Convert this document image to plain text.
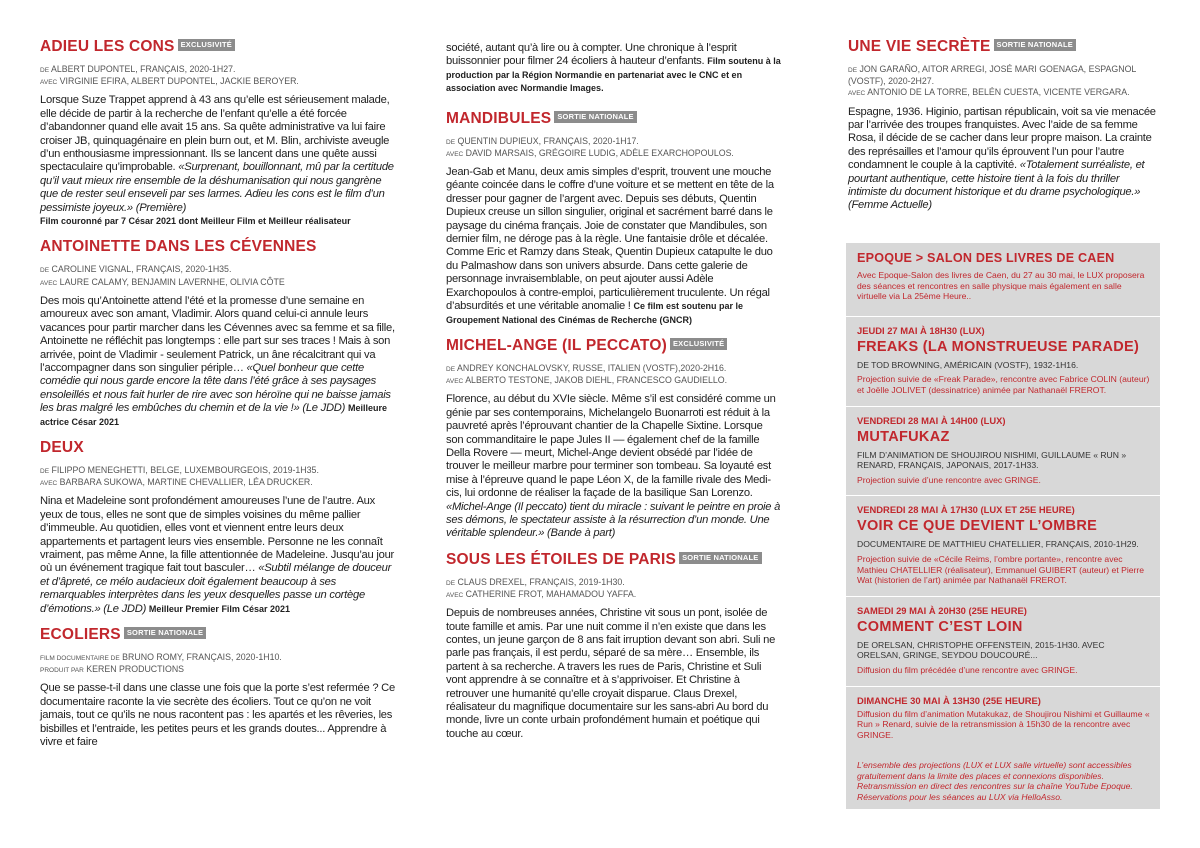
ADIEU LES CONS EXCLUSIVITÉ
DE ALBERT DUPONTEL, FRANÇAIS, 2020-1H27.
AVEC VIRGINIE EFIRA, ALBERT DUPONTEL, JACKIE BEROYER.

Lorsque Suze Trappet apprend à 43 ans qu’elle est sérieusement malade, elle décide de partir à la recherche de l’enfant qu’elle a été forcée d’abandonner quand elle avait 15 ans. Sa quête administrative va lui faire croiser JB, quinquagénaire en plein burn out, et M. Blin, archiviste aveugle d’un enthousiasme impressionnant. Ils se lancent dans une quête aussi spectaculaire qu’improbable. «Surprenant, bouillonnant, mû par la certitude qu’il vaut mieux rire ensemble de la déshumanisation qui nous gangrène que de rester seul enseveli par ses larmes. Adieu les cons est le film d’un pessimiste joyeux.» (Première)
Film couronné par 7 César 2021 dont Meilleur Film et Meilleur réalisateur

ANTOINETTE DANS LES CÉVENNES
DE CAROLINE VIGNAL, FRANÇAIS, 2020-1H35.
AVEC LAURE CALAMY, BENJAMIN LAVERNHE, OLIVIA CÔTE

Des mois qu’Antoinette attend l’été et la promesse d’une semaine en amoureux avec son amant, Vladimir. Alors quand celui-ci annule leurs vacances pour partir marcher dans les Cévennes avec sa femme et sa fille, Antoinette ne réfléchit pas longtemps : elle part sur ses traces ! Mais à son arrivée, point de Vladimir - seulement Patrick, un âne récalcitrant qui va l’accompagner dans son singulier périple… «Quel bonheur que cette comédie qui nous garde encore la tête dans l’été grâce à ses paysages ensoleillés et nous fait hurler de rire avec son héroïne qui ne baisse jamais les bras malgré les embûches du chemin et de la vie !» (Le JDD) Meilleure actrice César 2021

DEUX
DE FILIPPO MENEGHETTI, BELGE, LUXEMBOURGEOIS, 2019-1H35.
AVEC BARBARA SUKOWA, MARTINE CHEVALLIER, LÉA DRUCKER.

Nina et Madeleine sont profondément amoureuses l’une de l’autre. Aux yeux de tous, elles ne sont que de simples voisines du même pallier d’immeuble. Au quotidien, elles vont et viennent entre leurs deux appartements et partagent leurs vies ensemble. Personne ne les connaît vraiment, pas même Anne, la fille attentionnée de Madeleine. Jusqu’au jour où un événement tragique fait tout basculer… «Subtil mélange de douceur et d’âpreté, ce mélo audacieux doit également beaucoup à ses remarquables interprètes dans les yeux desquelles passe un cortège d’émotions.» (Le JDD) Meilleur Premier Film César 2021

ECOLIERS SORTIE NATIONALE
FILM DOCUMENTAIRE DE BRUNO ROMY, FRANÇAIS, 2020-1H10.
PRODUIT PAR KEREN PRODUCTIONS

Que se passe-t-il dans une classe une fois que la porte s’est refermée ? Ce documentaire raconte la vie secrète des écoliers. Tout ce qu’on ne voit jamais, tout ce qu’ils ne nous racontent pas : les apartés et les rêveries, les bisbilles et l’entraide, les petites peurs et les grands doutes... Apprendre à vivre et faire

société, autant qu’à lire ou à compter. Une chronique à l’esprit buissonnier pour filmer 24 écoliers à hauteur d’enfants. Film soutenu à la production par la Région Normandie en partenariat avec le CNC et en association avec Normandie Images.

MANDIBULES SORTIE NATIONALE
DE QUENTIN DUPIEUX, FRANÇAIS, 2020-1H17.
AVEC DAVID MARSAIS, GRÉGOIRE LUDIG, ADÈLE EXARCHOPOULOS.

Jean-Gab et Manu, deux amis simples d’esprit, trouvent une mouche géante coincée dans le coffre d’une voiture et se mettent en tête de la dresser pour gagner de l’argent avec. Depuis ses débuts, Quentin Dupieux creuse un sillon singulier, original et sacrément barré dans le paysage du cinéma français. Joie de constater que Mandibules, son dernier film, ne déroge pas à la règle. Une fantaisie drôle et décalée. Comme Eric et Ramzy dans Steak, Quentin Dupieux catapulte le duo du Palmashow dans son univers absurde. Dans cette galerie de personnage invraisemblable, on peut ajouter aussi Adèle Exarchopoulos à contre-emploi, particulièrement truculente. Un régal d’absurdités et une véritable anomalie ! Ce film est soutenu par le Groupement National des Cinémas de Recherche (GNCR)

MICHEL-ANGE (IL PECCATO) EXCLUSIVITÉ
DE ANDREY KONCHALOVSKY, RUSSE, ITALIEN (VOSTF),2020-2H16.
AVEC ALBERTO TESTONE, JAKOB DIEHL, FRANCESCO GAUDIELLO.

Florence, au début du XVIe siècle. Même s’il est considéré comme un génie par ses contemporains, Michelangelo Buonarroti est réduit à la pauvreté après l’éprouvant chantier de la Chapelle Sixtine. Lorsque son commanditaire le pape Jules II — également chef de la famille Della Rovere — meurt, Michel-Ange devient obsédé par l’idée de trouver le meilleur marbre pour terminer son tombeau. Sa loyauté est mise à l’épreuve quand le pape Léon X, de la famille rivale des Medicis, lui ordonne de réaliser la façade de la basilique San Lorenzo. «Michel-Ange (Il peccato) tient du miracle : suivant le peintre en proie à ses démons, le spectateur assiste à la résurrection d’un monde. Une véritable splendeur.» (Bande à part)

SOUS LES ÉTOILES DE PARIS SORTIE NATIONALE
DE CLAUS DREXEL, FRANÇAIS, 2019-1H30.
AVEC CATHERINE FROT, MAHAMADOU YAFFA.

Depuis de nombreuses années, Christine vit sous un pont, isolée de toute famille et amis. Par une nuit comme il n’en existe que dans les contes, un jeune garçon de 8 ans fait irruption devant son abri. Suli ne parle pas français, il est perdu, séparé de sa mère… Ensemble, ils partent à sa recherche. A travers les rues de Paris, Christine et Suli vont apprendre à se connaître et à s’apprivoiser. Et Christine à retrouver une humanité qu’elle croyait disparue. Claus Drexel, réalisateur du magnifique documentaire sur les sans-abri Au bord du monde, livre un conte urbain profondément humain et poétique qui touche au cœur.

UNE VIE SECRÈTE SORTIE NATIONALE
DE JON GARAÑO, AITOR ARREGI, JOSÉ MARI GOENAGA, ESPAGNOL (VOSTF), 2020-2H27.
AVEC ANTONIO DE LA TORRE, BELÉN CUESTA, VICENTE VERGARA.

Espagne, 1936. Higinio, partisan républicain, voit sa vie menacée par l’arrivée des troupes franquistes. Avec l’aide de sa femme Rosa, il décide de se cacher dans leur propre maison. La crainte des représailles et l’amour qu’ils éprouvent l’un pour l’autre condamnent le couple à la captivité. «Totalement surréaliste, et pourtant authentique, cette histoire tient à la fois du thriller intimiste du document historique et du drame psychologique.» (Femme Actuelle)

EPOQUE > SALON DES LIVRES DE CAEN
Avec Epoque-Salon des livres de Caen, du 27 au 30 mai, le LUX proposera des séances et rencontres en salle physique mais également en salle virtuelle via La 25ème Heure..
JEUDI 27 MAI À 18H30 (LUX)
FREAKS (LA MONSTRUEUSE PARADE)
DE TOD BROWNING, AMÉRICAIN (VOSTF), 1932-1H16.
Projection suivie de «Freak Parade», rencontre avec Fabrice COLIN (auteur) et Joëlle JOLIVET (dessinatrice) animée par Nathanaël FREROT.
VENDREDI 28 MAI À 14H00 (LUX)
MUTAFUKAZ
FILM D’ANIMATION DE SHOUJIROU NISHIMI, GUILLAUME « RUN » RENARD, FRANÇAIS, JAPONAIS, 2017-1H33.
Projection suivie d’une rencontre avec GRINGE.
VENDREDI 28 MAI À 17H30 (LUX ET 25E HEURE)
VOIR CE QUE DEVIENT L’OMBRE
DOCUMENTAIRE DE MATTHIEU CHATELLIER, FRANÇAIS, 2010-1H29.
Projection suivie de «Cécile Reims, l’ombre portante», rencontre avec Mathieu CHATELLIER (réalisateur), Emmanuel GUIBERT (auteur) et Pierre Wat (historien de l’art) animée par Nathanaël FREROT.
SAMEDI 29 MAI À 20H30 (25E HEURE)
COMMENT C’EST LOIN
DE ORELSAN, CHRISTOPHE OFFENSTEIN, 2015-1H30. AVEC ORELSAN, GRINGE, SEYDOU DOUCOURÉ...
Diffusion du film précédée d’une rencontre avec GRINGE.
DIMANCHE 30 MAI À 13H30 (25E HEURE)
Diffusion du film d’animation Mutakukaz, de Shoujirou Nishimi et Guillaume « Run » Renard, suivie de la retransmission à 15h30 de la rencontre avec GRINGE.
L’ensemble des projections (LUX et LUX salle virtuelle) sont accessibles gratuitement dans la limite des places et connexions disponibles. Retransmission en direct des rencontres sur la chaîne YouTube Epoque. Réservations pour les séances au LUX via HelloAsso.
